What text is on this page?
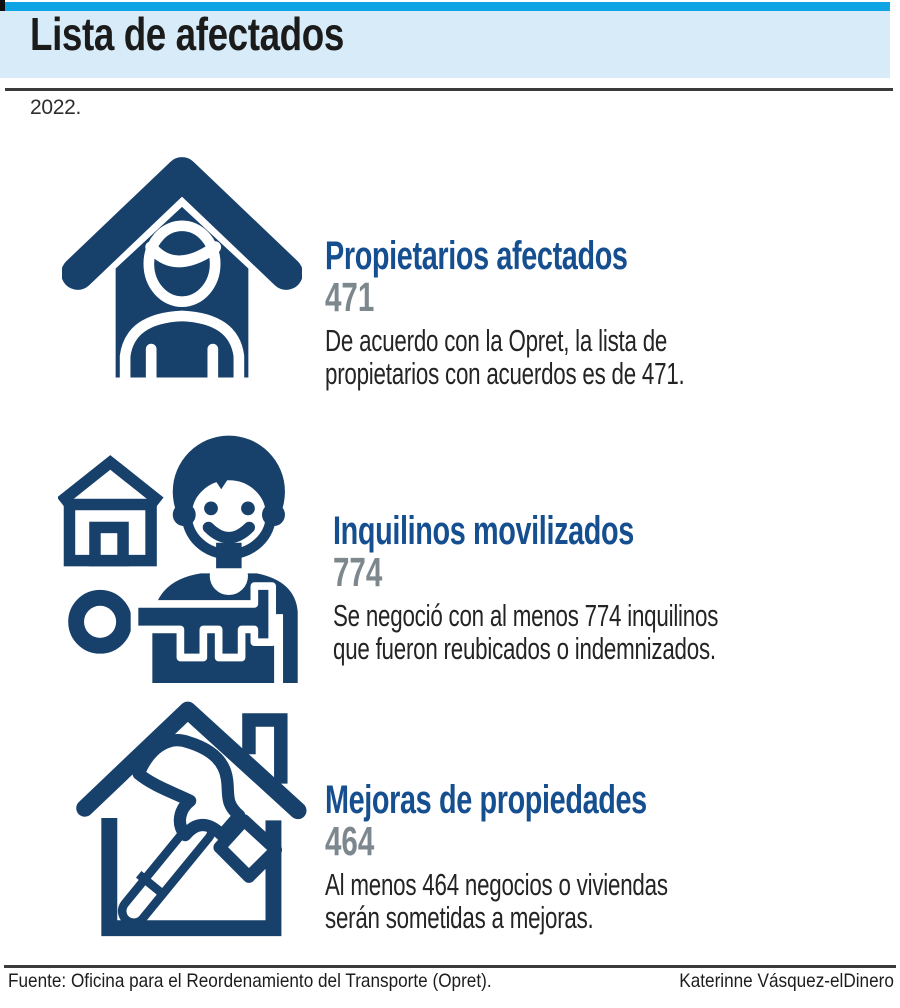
Lista de afectados
2022.
Propietarios afectados
471
De acuerdo con la Opret, la lista de
propietarios con acuerdos es de 471.
Inquilinos movilizados
774
Se negoció con al menos 774 inquilinos
que fueron reubicados o indemnizados.
Mejoras de propiedades
464
Al menos 464 negocios o viviendas
serán sometidas a mejoras.
Fuente: Oficina para el Reordenamiento del Transporte (Opret).	Katerinne Vásquez-elDinero
